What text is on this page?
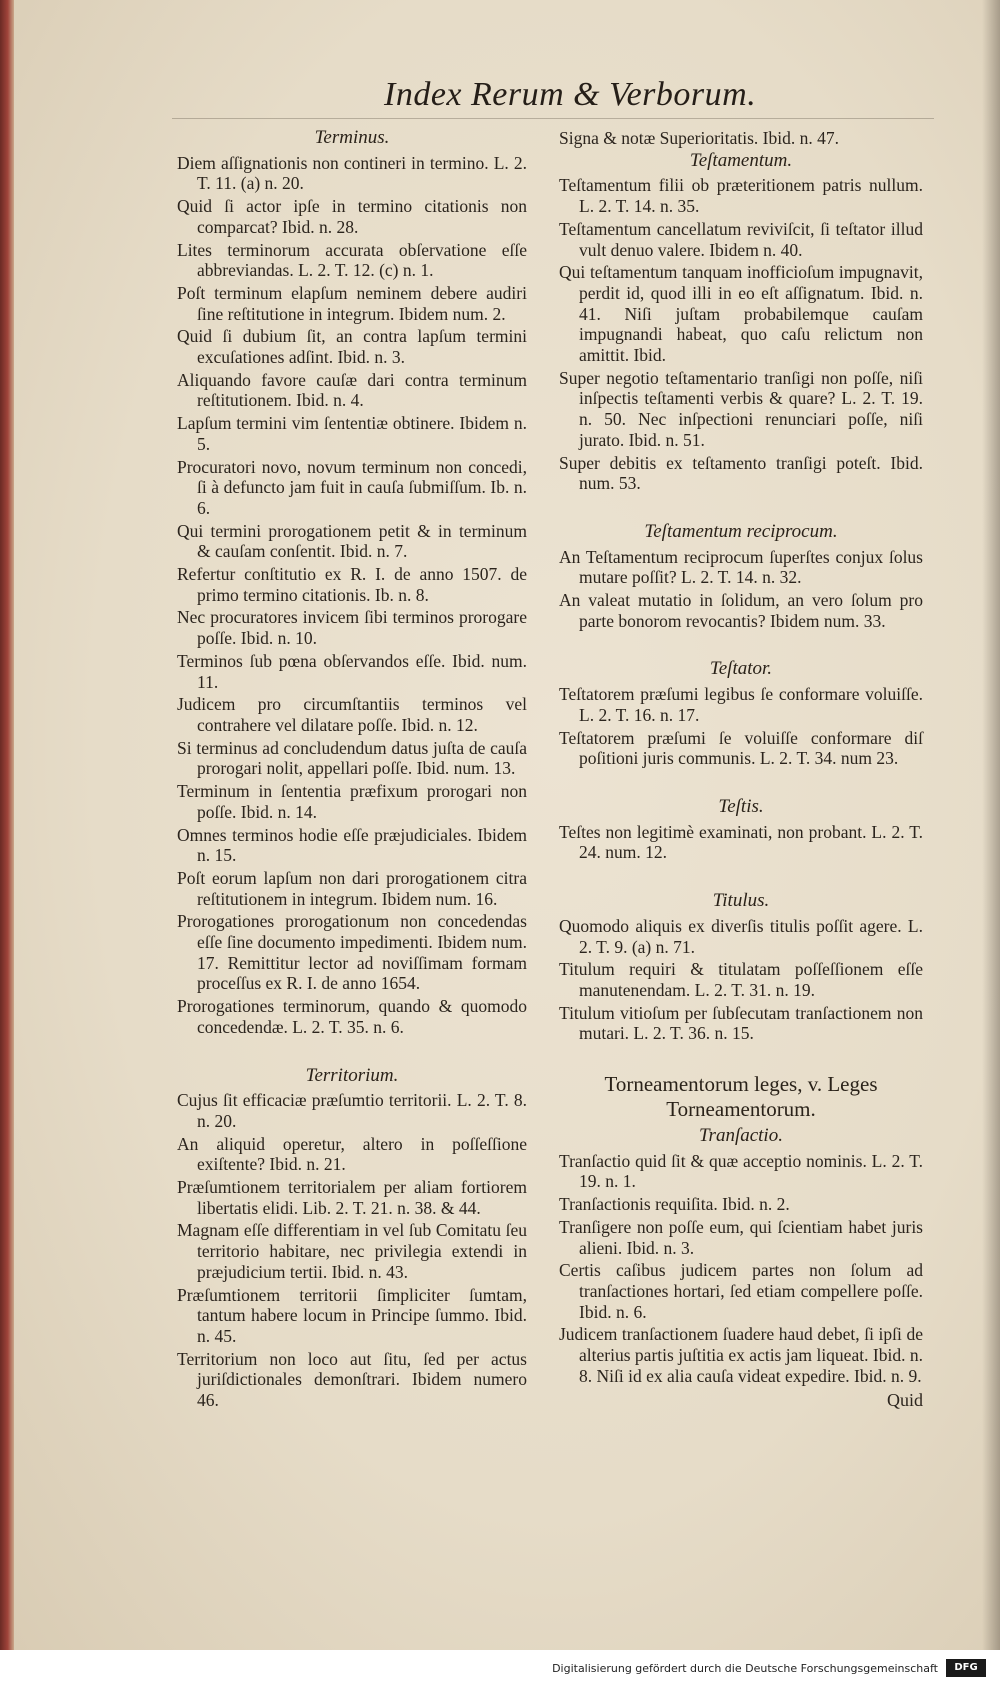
Index Rerum & Verborum.
Terminus.
Diem aſſignationis non contineri in termino. L. 2. T. 11. (a) n. 20.
Quid ſi actor ipſe in termino citationis non comparcat? Ibid. n. 28.
Lites terminorum accurata obſervatione eſſe abbreviandas. L. 2. T. 12. (c) n. 1.
Poſt terminum elapſum neminem debere audiri ſine reſtitutione in integrum. Ibidem num. 2.
Quid ſi dubium ſit, an contra lapſum termini excuſationes adſint. Ibid. n. 3.
Aliquando favore cauſæ dari contra terminum reſtitutionem. Ibid. n. 4.
Lapſum termini vim ſententiæ obtinere. Ibidem n. 5.
Procuratori novo, novum terminum non concedi, ſi à defuncto jam fuit in cauſa ſubmiſſum. Ib. n. 6.
Qui termini prorogationem petit & in terminum & cauſam conſentit. Ibid. n. 7.
Refertur conſtitutio ex R. I. de anno 1507. de primo termino citationis. Ib. n. 8.
Nec procuratores invicem ſibi terminos prorogare poſſe. Ibid. n. 10.
Terminos ſub pœna obſervandos eſſe. Ibid. num. 11.
Judicem pro circumſtantiis terminos vel contrahere vel dilatare poſſe. Ibid. n. 12.
Si terminus ad concludendum datus juſta de cauſa prorogari nolit, appellari poſſe. Ibid. num. 13.
Terminum in ſententia præfixum prorogari non poſſe. Ibid. n. 14.
Omnes terminos hodie eſſe præjudiciales. Ibidem n. 15.
Poſt eorum lapſum non dari prorogationem citra reſtitutionem in integrum. Ibidem num. 16.
Prorogationes prorogationum non concedendas eſſe ſine documento impedimenti. Ibidem num. 17. Remittitur lector ad noviſſimam formam proceſſus ex R. I. de anno 1654.
Prorogationes terminorum, quando & quomodo concedendæ. L. 2. T. 35. n. 6.
Territorium.
Cujus ſit efficaciæ præſumtio territorii. L. 2. T. 8. n. 20.
An aliquid operetur, altero in poſſeſſione exiſtente? Ibid. n. 21.
Præſumtionem territorialem per aliam fortiorem libertatis elidi. Lib. 2. T. 21. n. 38. & 44.
Magnam eſſe differentiam in vel ſub Comitatu ſeu territorio habitare, nec privilegia extendi in præjudicium tertii. Ibid. n. 43.
Præſumtionem territorii ſimpliciter ſumtam, tantum habere locum in Principe ſummo. Ibid. n. 45.
Territorium non loco aut ſitu, ſed per actus juriſdictionales demonſtrari. Ibidem numero 46.
Signa & notæ Superioritatis. Ibid. n. 47.
Teſtamentum.
Teſtamentum filii ob præteritionem patris nullum. L. 2. T. 14. n. 35.
Teſtamentum cancellatum reviviſcit, ſi teſtator illud vult denuo valere. Ibidem n. 40.
Qui teſtamentum tanquam inofficioſum impugnavit, perdit id, quod illi in eo eſt aſſignatum. Ibid. n. 41. Niſi juſtam probabilemque cauſam impugnandi habeat, quo caſu relictum non amittit. Ibid.
Super negotio teſtamentario tranſigi non poſſe, niſi inſpectis teſtamenti verbis & quare? L. 2. T. 19. n. 50. Nec inſpectioni renunciari poſſe, niſi jurato. Ibid. n. 51.
Super debitis ex teſtamento tranſigi poteſt. Ibid. num. 53.
Teſtamentum reciprocum.
An Teſtamentum reciprocum ſuperſtes conjux ſolus mutare poſſit? L. 2. T. 14. n. 32.
An valeat mutatio in ſolidum, an vero ſolum pro parte bonorom revocantis? Ibidem num. 33.
Teſtator.
Teſtatorem præſumi legibus ſe conformare voluiſſe. L. 2. T. 16. n. 17.
Teſtatorem præſumi ſe voluiſſe conformare diſ poſitioni juris communis. L. 2. T. 34. num 23.
Teſtis.
Teſtes non legitimè examinati, non probant. L. 2. T. 24. num. 12.
Titulus.
Quomodo aliquis ex diverſis titulis poſſit agere. L. 2. T. 9. (a) n. 71.
Titulum requiri & titulatam poſſeſſionem eſſe manutenendam. L. 2. T. 31. n. 19.
Titulum vitioſum per ſubſecutam tranſactionem non mutari. L. 2. T. 36. n. 15.
Torneamentorum leges, v. Leges Torneamentorum.
Tranſactio.
Tranſactio quid ſit & quæ acceptio nominis. L. 2. T. 19. n. 1.
Tranſactionis requiſita. Ibid. n. 2.
Tranſigere non poſſe eum, qui ſcientiam habet juris alieni. Ibid. n. 3.
Certis caſibus judicem partes non ſolum ad tranſactiones hortari, ſed etiam compellere poſſe. Ibid. n. 6.
Judicem tranſactionem ſuadere haud debet, ſi ipſi de alterius partis juſtitia ex actis jam liqueat. Ibid. n. 8. Niſi id ex alia cauſa videat expedire. Ibid. n. 9.
Quid
Digitalisierung gefördert durch die Deutsche Forschungsgemeinschaft	DFG
